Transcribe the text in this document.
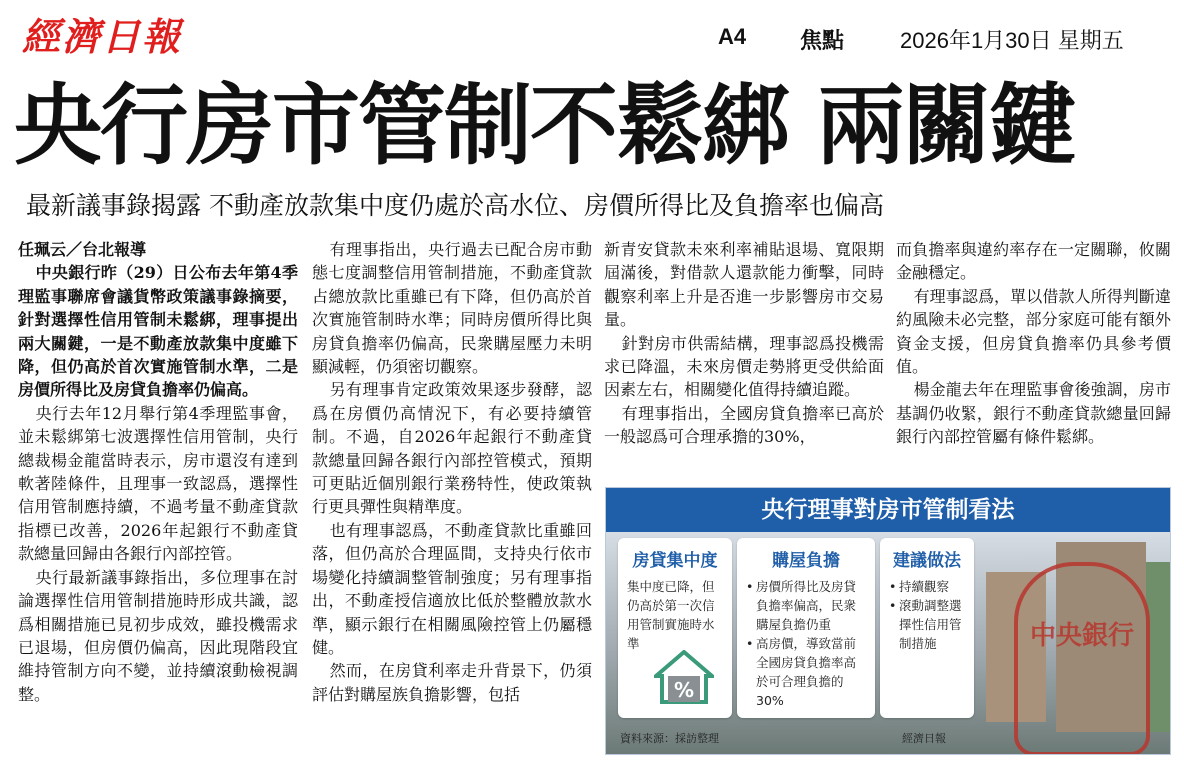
經濟日報	A4 焦點	2026年1月30日 星期五
央行房市管制不鬆綁 兩關鍵
最新議事錄揭露 不動產放款集中度仍處於高水位、房價所得比及負擔率也偏高
任珮云／台北報導

中央銀行昨（29）日公布去年第4季理監事聯席會議貨幣政策議事錄摘要，針對選擇性信用管制未鬆綁，理事提出兩大關鍵，一是不動產放款集中度雖下降，但仍高於首次實施管制水準，二是房價所得比及房貸負擔率仍偏高。

央行去年12月舉行第4季理監事會，並未鬆綁第七波選擇性信用管制，央行總裁楊金龍當時表示，房市還沒有達到軟著陸條件，且理事一致認爲，選擇性信用管制應持續，不過考量不動產貸款指標已改善，2026年起銀行不動產貸款總量回歸由各銀行內部控管。

央行最新議事錄指出，多位理事在討論選擇性信用管制措施時形成共識，認爲相關措施已見初步成效，雖投機需求已退場，但房價仍偏高，因此現階段宜維持管制方向不變，並持續滾動檢視調整。

有理事指出，央行過去已配合房市動態七度調整信用管制措施，不動產貸款占總放款比重雖已有下降，但仍高於首次實施管制時水準；同時房價所得比與房貸負擔率仍偏高，民衆購屋壓力未明顯減輕，仍須密切觀察。

另有理事肯定政策效果逐步發酵，認爲在房價仍高情況下，有必要持續管制。不過，自2026年起銀行不動產貸款總量回歸各銀行內部控管模式，預期可更貼近個別銀行業務特性，使政策執行更具彈性與精準度。

也有理事認爲，不動產貸款比重雖回落，但仍高於合理區間，支持央行依市場變化持續調整管制強度；另有理事指出，不動產授信適放比低於整體放款水準，顯示銀行在相關風險控管上仍屬穩健。

然而，在房貸利率走升背景下，仍須評估對購屋族負擔影響，包括

新青安貸款未來利率補貼退場、寬限期屆滿後，對借款人還款能力衝擊，同時觀察利率上升是否進一步影響房市交易量。

針對房市供需結構，理事認爲投機需求已降溫，未來房價走勢將更受供給面因素左右，相關變化值得持續追蹤。

有理事指出，全國房貸負擔率已高於一般認爲可合理承擔的30%，

而負擔率與違約率存在一定關聯，攸關金融穩定。

有理事認爲，單以借款人所得判斷違約風險未必完整，部分家庭可能有額外資金支援，但房貸負擔率仍具參考價值。

楊金龍去年在理監事會後強調，房市基調仍收緊，銀行不動產貸款總量回歸銀行內部控管屬有條件鬆綁。

央行理事對房市管制看法
房貸集中度
集中度已降，但仍高於第一次信用管制實施時水準
%
購屋負擔
• 房價所得比及房貸負擔率偏高，民衆購屋負擔仍重
• 高房價，導致當前全國房貸負擔率高於可合理負擔的30%
建議做法
• 持續觀察
• 滾動調整選擇性信用管制措施	中央銀行
資料來源：採訪整理	經濟日報
